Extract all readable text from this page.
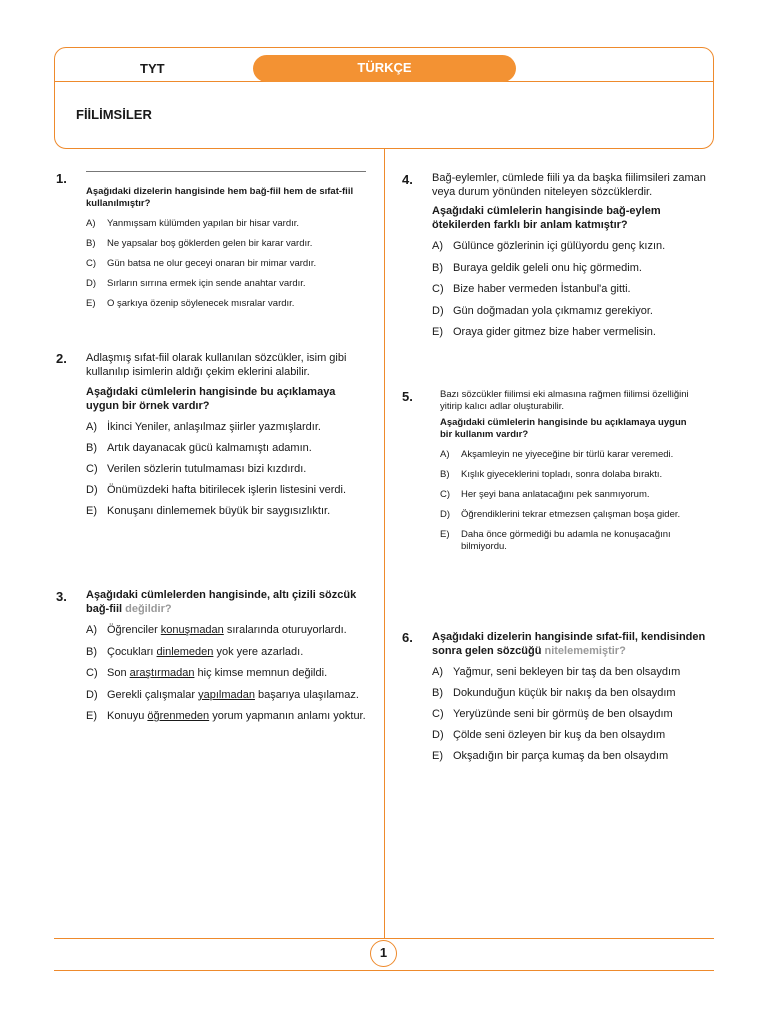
TYT	TÜRKÇE
FİİLİMSİLER
1.
Aşağıdaki dizelerin hangisinde hem bağ-fiil hem de sıfat-fiil kullanılmıştır?
A)	Yanmışsam külümden yapılan bir hisar vardır.
B)	Ne yapsalar boş göklerden gelen bir karar vardır.
C)	Gün batsa ne olur geceyi onaran bir mimar vardır.
D)	Sırların sırrına ermek için sende anahtar vardır.
E)	O şarkıya özenip söylenecek mısralar vardır.
2. Adlaşmış sıfat-fiil olarak kullanılan sözcükler, isim gibi kullanılıp isimlerin aldığı çekim eklerini alabilir.
Aşağıdaki cümlelerin hangisinde bu açıklamaya uygun bir örnek vardır?
A) İkinci Yeniler, anlaşılmaz şiirler yazmışlardır.
B) Artık dayanacak gücü kalmamıştı adamın.
C) Verilen sözlerin tutulmaması bizi kızdırdı.
D) Önümüzdeki hafta bitirilecek işlerin listesini verdi.
E) Konuşanı dinlememek büyük bir saygısızlıktır.
3. Aşağıdaki cümlelerden hangisinde, altı çizili sözcük bağ-fiil değildir?
A) Öğrenciler konuşmadan sıralarında oturuyorlardı.
B) Çocukları dinlemeden yok yere azarladı.
C) Son araştırmadan hiç kimse memnun değildi.
D) Gerekli çalışmalar yapılmadan başarıya ulaşılamaz.
E) Konuyu öğrenmeden yorum yapmanın anlamı yoktur.
4. Bağ-eylemler, cümlede fiili ya da başka fiilimsileri zaman veya durum yönünden niteleyen sözcüklerdir.
Aşağıdaki cümlelerin hangisinde bağ-eylem ötekilerden farklı bir anlam katmıştır?
A) Gülünce gözlerinin içi gülüyordu genç kızın.
B) Buraya geldik geleli onu hiç görmedim.
C) Bize haber vermeden İstanbul'a gitti.
D) Gün doğmadan yola çıkmamız gerekiyor.
E) Oraya gider gitmez bize haber vermelisin.
5.	Bazı sözcükler fiilimsi eki almasına rağmen fiilimsi özelliğini yitirip kalıcı adlar oluşturabilir.
Aşağıdaki cümlelerin hangisinde bu açıklamaya uygun bir kullanım vardır?
A)	Akşamleyin ne yiyeceğine bir türlü karar veremedi.
B)	Kışlık giyeceklerini topladı, sonra dolaba bıraktı.
C)	Her şeyi bana anlatacağını pek sanmıyorum.
D)	Öğrendiklerini tekrar etmezsen çalışman boşa gider.
E)	Daha önce görmediği bu adamla ne konuşacağını bilmiyordu.
6. Aşağıdaki dizelerin hangisinde sıfat-fiil, kendisinden sonra gelen sözcüğü nitelememiştir?
A) Yağmur, seni bekleyen bir taş da ben olsaydım
B) Dokunduğun küçük bir nakış da ben olsaydım
C) Yeryüzünde seni bir görmüş de ben olsaydım
D) Çölde seni özleyen bir kuş da ben olsaydım
E) Okşadığın bir parça kumaş da ben olsaydım
1
